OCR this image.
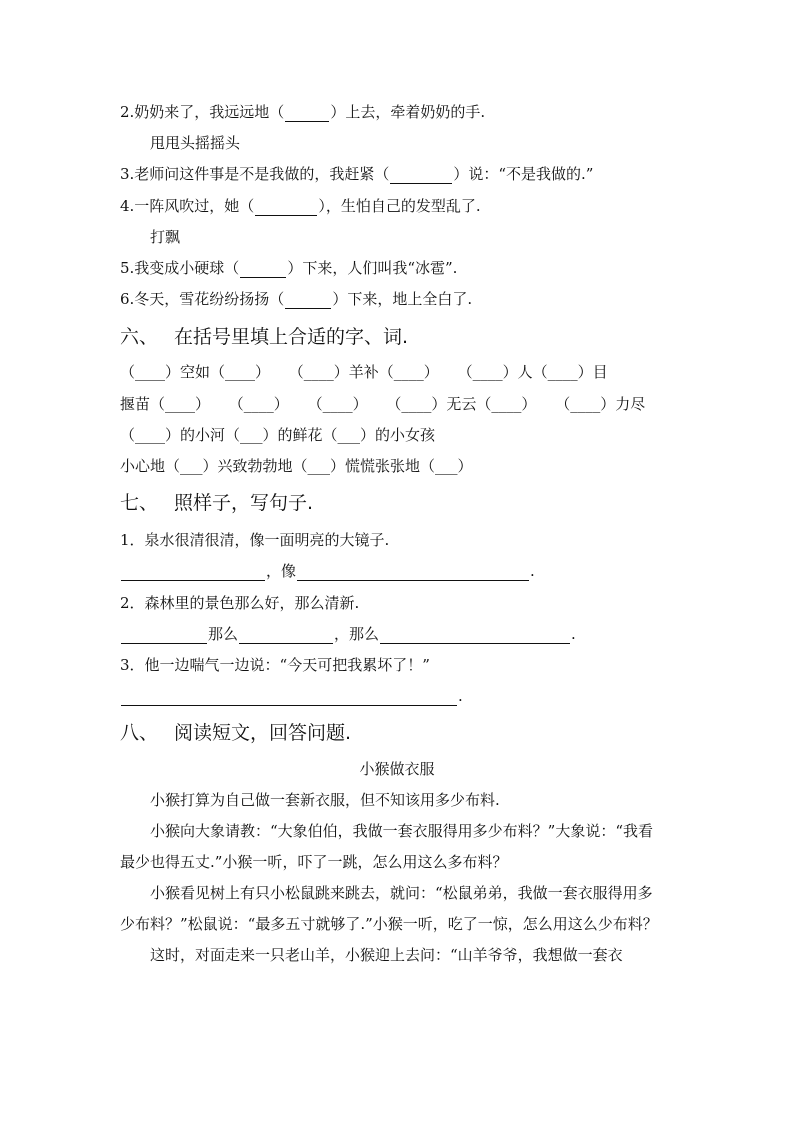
2.奶奶来了，我远远地（	）上去，牵着奶奶的手.
甩甩头摇摇头
3.老师问这件事是不是我做的，我赶紧（	）说：“不是我做的.”
4.一阵风吹过，她（	），生怕自己的发型乱了.
打飘
5.我变成小硬球（	）下来，人们叫我“冰雹”.
6.冬天，雪花纷纷扬扬（	）下来，地上全白了.
六、 在括号里填上合适的字、词.
（____）空如（____） （____）羊补（____） （____）人（____）目
揠苗（____） （____） （____） （____）无云（____） （____）力尽
（____）的小河（___）的鲜花（___）的小女孩
小心地（___）兴致勃勃地（___）慌慌张张地（___）
七、 照样子，写句子.
1．泉水很清很清，像一面明亮的大镜子.
，像	.
2．森林里的景色那么好，那么清新.
那么	，那么	.
3．他一边喘气一边说：“今天可把我累坏了！”
.
八、 阅读短文，回答问题.
小猴做衣服

小猴打算为自己做一套新衣服，但不知该用多少布料.

小猴向大象请教：“大象伯伯，我做一套衣服得用多少布料？”大象说：“我看最少也得五丈.”小猴一听，吓了一跳，怎么用这么多布料？

小猴看见树上有只小松鼠跳来跳去，就问：“松鼠弟弟，我做一套衣服得用多少布料？”松鼠说：“最多五寸就够了.”小猴一听，吃了一惊，怎么用这么少布料？

这时，对面走来一只老山羊，小猴迎上去问：“山羊爷爷，我想做一套衣
